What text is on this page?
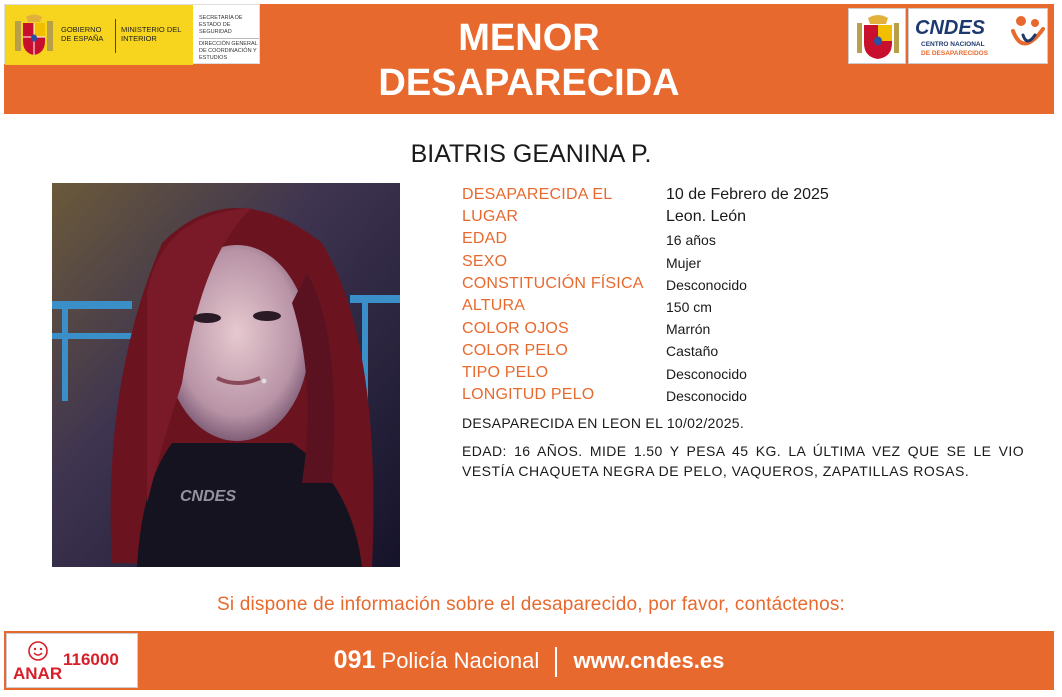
GOBIERNO DE ESPAÑA
MINISTERIO DEL INTERIOR
SECRETARÍA DE ESTADO DE SEGURIDAD
DIRECCIÓN GENERAL DE COORDINACIÓN Y ESTUDIOS	MENOR
DESAPARECIDA
CNDES
CENTRO NACIONAL
DE DESAPARECIDOS
BIATRIS GEANINA P.
CNDES
DESAPARECIDA EL	10 de Febrero de 2025
LUGAR	Leon. León
EDAD	16 años
SEXO	Mujer
CONSTITUCIÓN FÍSICA Desconocido
ALTURA	150 cm
COLOR OJOS	Marrón
COLOR PELO	Castaño
TIPO PELO	Desconocido
LONGITUD PELO	Desconocido
DESAPARECIDA EN LEON EL 10/02/2025.
EDAD: 16 AÑOS. MIDE 1.50 Y PESA 45 KG. LA ÚLTIMA VEZ QUE SE LE VIO
VESTÍA CHAQUETA NEGRA DE PELO, VAQUEROS, ZAPATILLAS ROSAS.
Si dispone de información sobre el desaparecido, por favor, contáctenos:
091 Policía Nacional www.cndes.es
ANAR
116000
